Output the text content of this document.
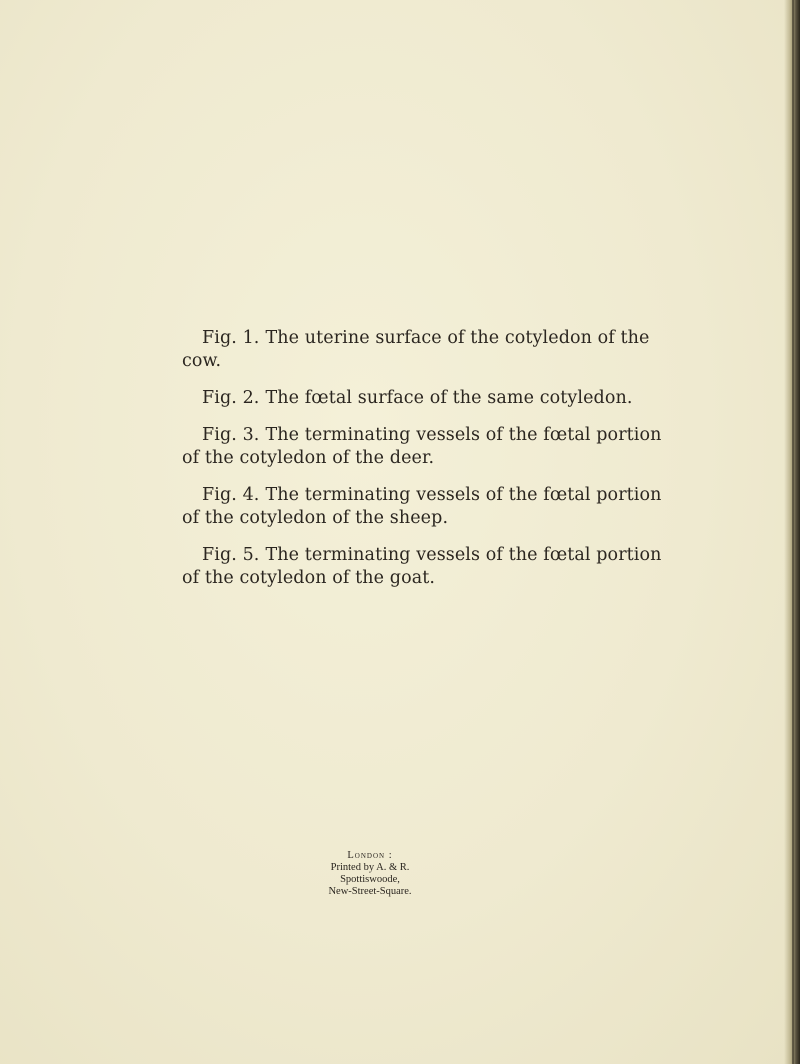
Fig. 1. The uterine surface of the cotyledon of the cow.

Fig. 2. The fœtal surface of the same cotyledon.

Fig. 3. The terminating vessels of the fœtal portion of the cotyledon of the deer.

Fig. 4. The terminating vessels of the fœtal portion of the cotyledon of the sheep.

Fig. 5. The terminating vessels of the fœtal portion of the cotyledon of the goat.

London :
Printed by A. & R. Spottiswoode,
New-Street-Square.
